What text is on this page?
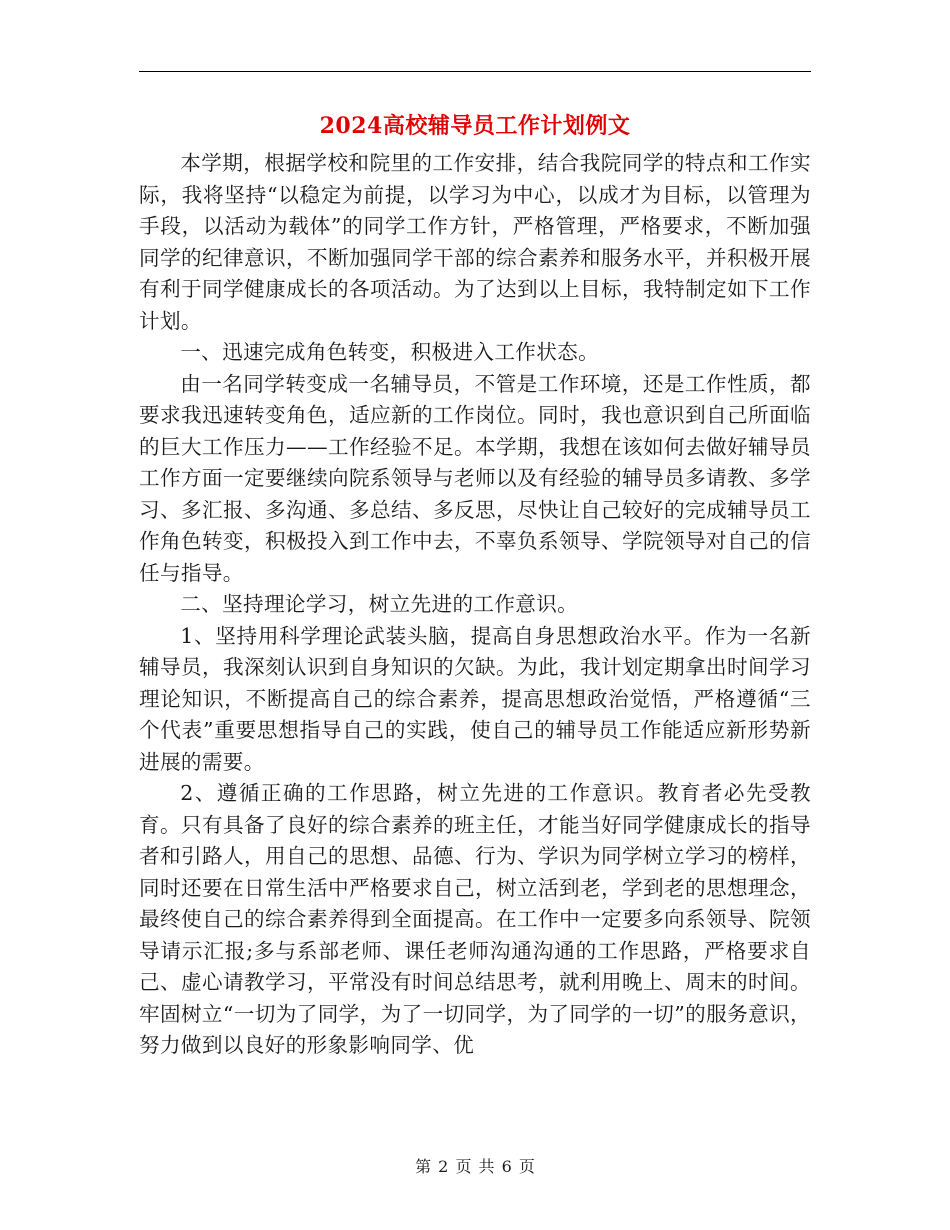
2024高校辅导员工作计划例文

本学期，根据学校和院里的工作安排，结合我院同学的特点和工作实际，我将坚持“以稳定为前提，以学习为中心，以成才为目标，以管理为手段，以活动为载体”的同学工作方针，严格管理，严格要求，不断加强同学的纪律意识，不断加强同学干部的综合素养和服务水平，并积极开展有利于同学健康成长的各项活动。为了达到以上目标，我特制定如下工作计划。

一、迅速完成角色转变，积极进入工作状态。

由一名同学转变成一名辅导员，不管是工作环境，还是工作性质，都要求我迅速转变角色，适应新的工作岗位。同时，我也意识到自己所面临的巨大工作压力——工作经验不足。本学期，我想在该如何去做好辅导员工作方面一定要继续向院系领导与老师以及有经验的辅导员多请教、多学习、多汇报、多沟通、多总结、多反思，尽快让自己较好的完成辅导员工作角色转变，积极投入到工作中去，不辜负系领导、学院领导对自己的信任与指导。

二、坚持理论学习，树立先进的工作意识。

1、坚持用科学理论武装头脑，提高自身思想政治水平。作为一名新辅导员，我深刻认识到自身知识的欠缺。为此，我计划定期拿出时间学习理论知识，不断提高自己的综合素养，提高思想政治觉悟，严格遵循“三个代表”重要思想指导自己的实践，使自己的辅导员工作能适应新形势新进展的需要。

2、遵循正确的工作思路，树立先进的工作意识。教育者必先受教育。只有具备了良好的综合素养的班主任，才能当好同学健康成长的指导者和引路人，用自己的思想、品德、行为、学识为同学树立学习的榜样，同时还要在日常生活中严格要求自己，树立活到老，学到老的思想理念，最终使自己的综合素养得到全面提高。在工作中一定要多向系领导、院领导请示汇报;多与系部老师、课任老师沟通沟通的工作思路，严格要求自己、虚心请教学习，平常没有时间总结思考，就利用晚上、周末的时间。牢固树立“一切为了同学，为了一切同学，为了同学的一切”的服务意识，努力做到以良好的形象影响同学、优

第 2 页 共 6 页
